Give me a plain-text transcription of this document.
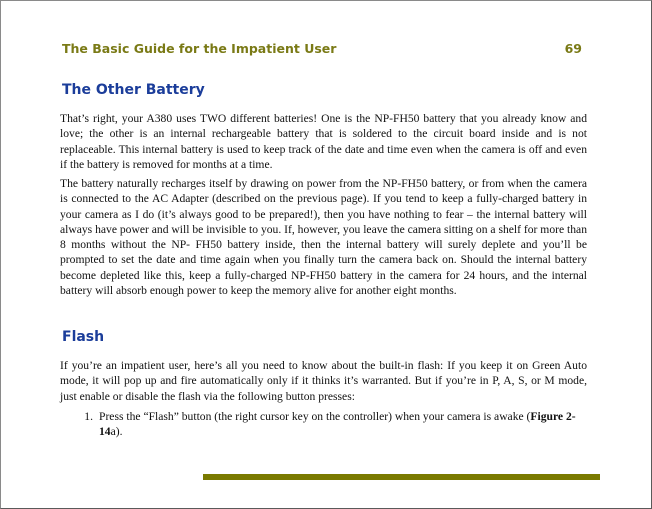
The Basic Guide for the Impatient User	69
The Other Battery

That’s right, your A380 uses TWO different batteries! One is the NP-FH50 battery that you already know and love; the other is an internal rechargeable battery that is soldered to the circuit board inside and is not replaceable. This internal battery is used to keep track of the date and time even when the camera is off and even if the battery is removed for months at a time.

The battery naturally recharges itself by drawing on power from the NP-FH50 battery, or from when the camera is connected to the AC Adapter (described on the previous page). If you tend to keep a fully-charged battery in your camera as I do (it’s always good to be prepared!), then you have nothing to fear – the internal battery will always have power and will be invisible to you. If, however, you leave the camera sitting on a shelf for more than 8 months without the NP- FH50 battery inside, then the internal battery will surely deplete and you’ll be prompted to set the date and time again when you finally turn the camera back on. Should the internal battery become depleted like this, keep a fully-charged NP-FH50 battery in the camera for 24 hours, and the internal battery will absorb enough power to keep the memory alive for another eight months.

Flash

If you’re an impatient user, here’s all you need to know about the built-in flash: If you keep it on Green Auto mode, it will pop up and fire automatically only if it thinks it’s warranted. But if you’re in P, A, S, or M mode, just enable or disable the flash via the following button presses:

1. Press the “Flash” button (the right cursor key on the controller) when your camera is awake (Figure 2-14a).
